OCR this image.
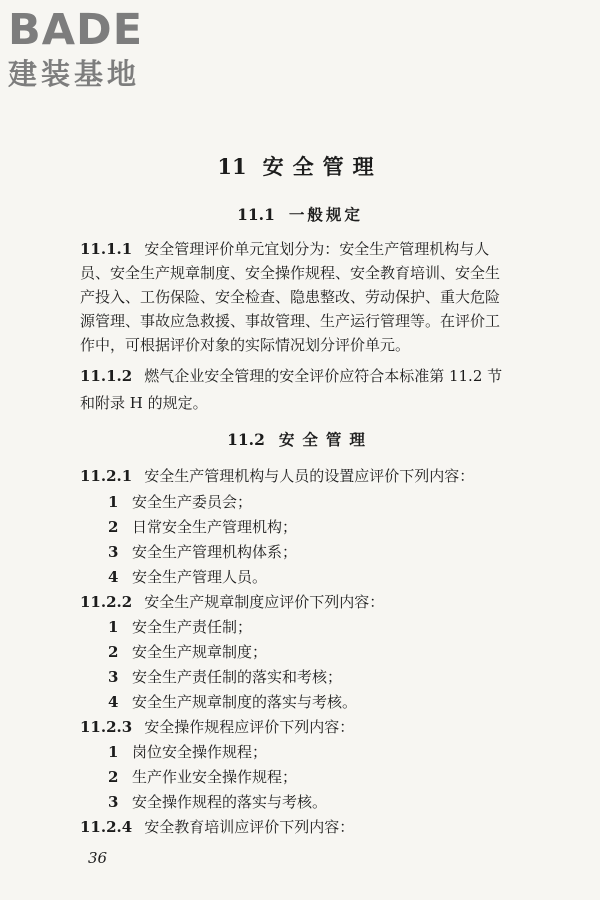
BADE
建装基地
11 安全管理
11.1 一般规定
11.1.1 安全管理评价单元宜划分为：安全生产管理机构与人
员、安全生产规章制度、安全操作规程、安全教育培训、安全生
产投入、工伤保险、安全检查、隐患整改、劳动保护、重大危险
源管理、事故应急救援、事故管理、生产运行管理等。在评价工
作中，可根据评价对象的实际情况划分评价单元。
11.1.2 燃气企业安全管理的安全评价应符合本标准第 11.2 节
和附录 H 的规定。
11.2 安全管理
11.2.1 安全生产管理机构与人员的设置应评价下列内容：
1 安全生产委员会；
2 日常安全生产管理机构；
3 安全生产管理机构体系；
4 安全生产管理人员。
11.2.2 安全生产规章制度应评价下列内容：
1 安全生产责任制；
2 安全生产规章制度；
3 安全生产责任制的落实和考核；
4 安全生产规章制度的落实与考核。
11.2.3 安全操作规程应评价下列内容：
1 岗位安全操作规程；
2 生产作业安全操作规程；
3 安全操作规程的落实与考核。
11.2.4 安全教育培训应评价下列内容：
36
